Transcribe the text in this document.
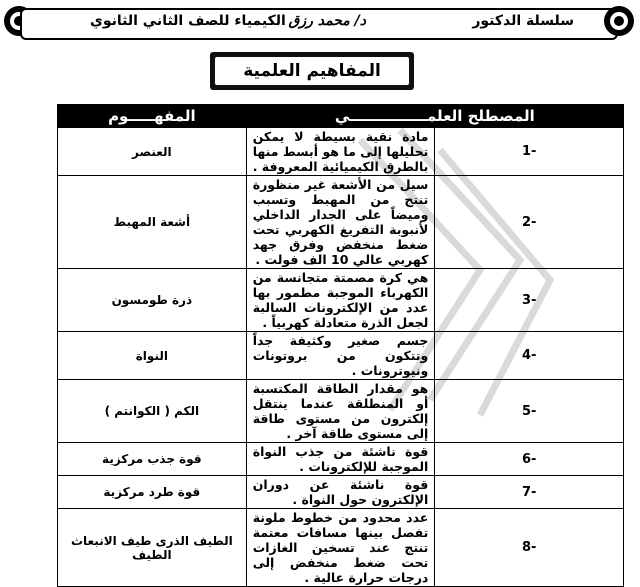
سلسلة الدكتور
د/ محمد رزق
الكيمياء للصف الثاني الثانوي
المفاهيم العلمية
المصطلح العلمـــــــــــــــي		المفهـــــوم
-1	مادة نقية بسيطة لا يمكن تحليلها إلى ما هو أبسط منها بالطرق الكيميائية المعروفة .	العنصر
-2	سيل من الأشعة غير منظورة تنتج من المهبط وتسبب وميضاً على الجدار الداخلي لأنبوبة التفريغ الكهربي تحت ضغط منخفض وفرق جهد كهربي عالي 10 الف فولت .	أشعة المهبط
-3	هي كرة مصمتة متجانسة من الكهرباء الموجبة مطمور بها عدد من الإلكترونات السالبة لجعل الذرة متعادلة كهربياً .	ذرة طومسون
-4	جسم صغير وكثيفة جداً وتتكون من بروتونات ونيوترونات .	النواة
-5	هو مقدار الطاقة المكتسبة أو المنطلقة عندما ينتقل إلكترون من مستوى طاقة إلى مستوى طاقة آخر .	الكم ( الكوانتم )
-6	قوة ناشئة من جذب النواة الموجبة للإلكترونات .	قوة جذب مركزية
-7	قوة ناشئة عن دوران الإلكترون حول النواة .	قوة طرد مركزية
-8	عدد محدود من خطوط ملونة تفصل بينها مسافات معتمة تنتج عند تسخين الغازات تحت ضغط منخفض إلى درجات حرارة عالية .	الطيف الذرى طيف الانبعاث الطيف
